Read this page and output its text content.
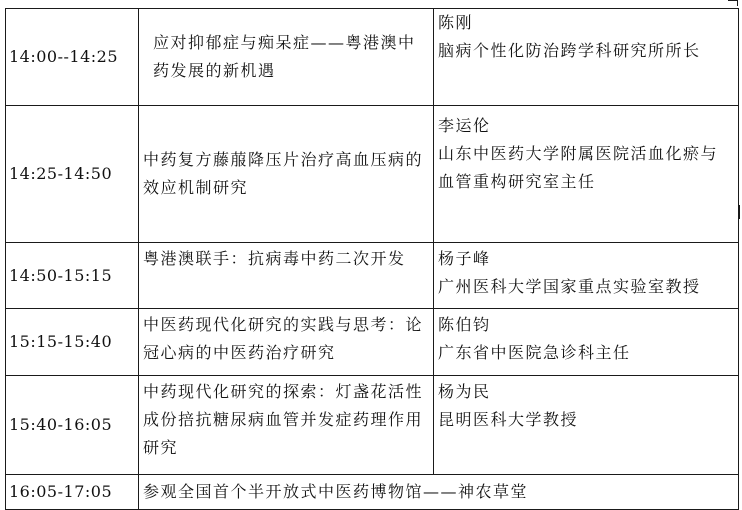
14:00--14:25	应对抑郁症与痴呆症——粤港澳中药发展的新机遇	陈刚
脑病个性化防治跨学科研究所所长

14:25-14:50	中药复方藤菔降压片治疗高血压病的效应机制研究	李运伦
山东中医药大学附属医院活血化瘀与血管重构研究室主任

14:50-15:15	粤港澳联手：抗病毒中药二次开发	杨子峰
广州医科大学国家重点实验室教授

15:15-15:40	中医药现代化研究的实践与思考：论冠心病的中医药治疗研究	陈伯钧
广东省中医院急诊科主任

15:40-16:05	中药现代化研究的探索：灯盏花活性成份掊抗糖尿病血管并发症药理作用研究	杨为民
昆明医科大学教授

16:05-17:05	参观全国首个半开放式中医药博物馆——神农草堂	
